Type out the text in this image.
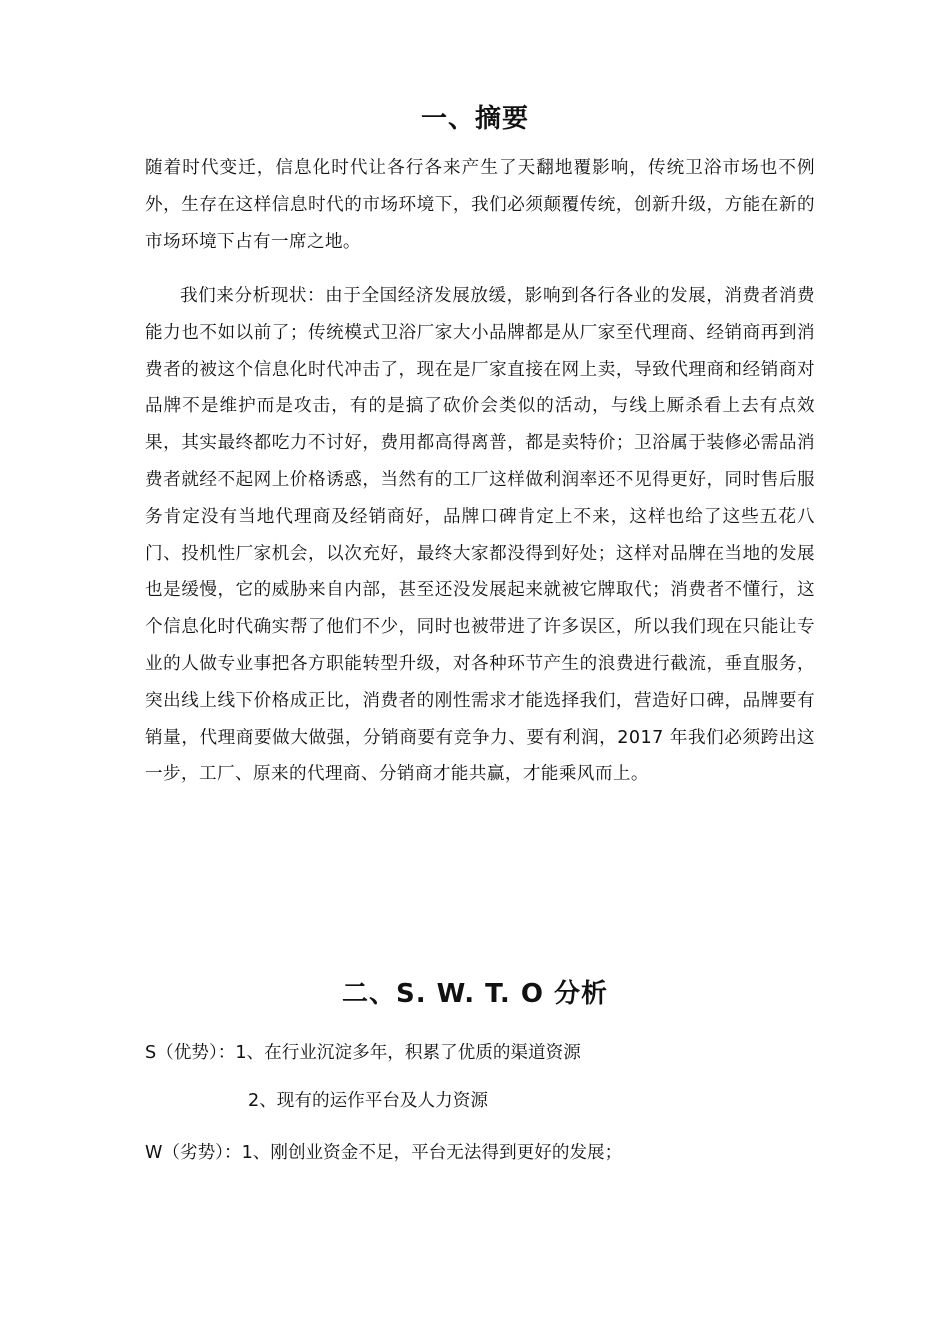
一、摘要

随着时代变迁，信息化时代让各行各来产生了天翻地覆影响，传统卫浴市场也不例外，生存在这样信息时代的市场环境下，我们必须颠覆传统，创新升级，方能在新的市场环境下占有一席之地。

我们来分析现状：由于全国经济发展放缓，影响到各行各业的发展，消费者消费能力也不如以前了；传统模式卫浴厂家大小品牌都是从厂家至代理商、经销商再到消费者的被这个信息化时代冲击了，现在是厂家直接在网上卖，导致代理商和经销商对品牌不是维护而是攻击，有的是搞了砍价会类似的活动，与线上厮杀看上去有点效果，其实最终都吃力不讨好，费用都高得离普，都是卖特价；卫浴属于装修必需品消费者就经不起网上价格诱惑，当然有的工厂这样做利润率还不见得更好，同时售后服务肯定没有当地代理商及经销商好，品牌口碑肯定上不来，这样也给了这些五花八门、投机性厂家机会，以次充好，最终大家都没得到好处；这样对品牌在当地的发展也是缓慢，它的威胁来自内部，甚至还没发展起来就被它牌取代；消费者不懂行，这个信息化时代确实帮了他们不少，同时也被带进了许多误区，所以我们现在只能让专业的人做专业事把各方职能转型升级，对各种环节产生的浪费进行截流，垂直服务，突出线上线下价格成正比，消费者的刚性需求才能选择我们，营造好口碑，品牌要有销量，代理商要做大做强，分销商要有竞争力、要有利润，2017 年我们必须跨出这一步，工厂、原来的代理商、分销商才能共赢，才能乘风而上。

二、S. W. T. O 分析

S（优势）：1、在行业沉淀多年，积累了优质的渠道资源

2、现有的运作平台及人力资源

W（劣势）：1、刚创业资金不足，平台无法得到更好的发展；
